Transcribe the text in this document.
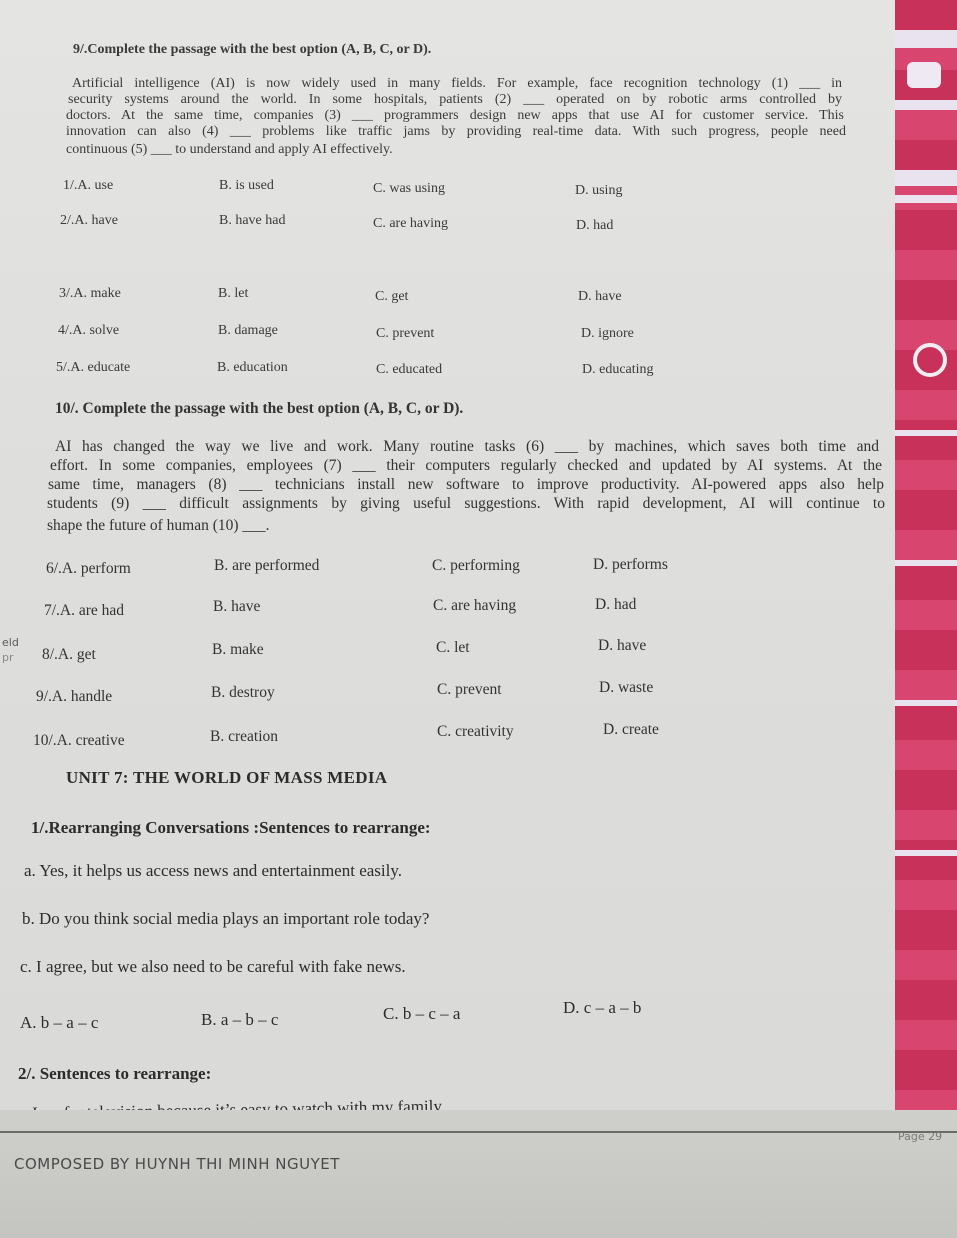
9/.Complete the passage with the best option (A, B, C, or D).
Artificial intelligence (AI) is now widely used in many fields. For example, face recognition technology (1) ___ in
security systems around the world. In some hospitals, patients (2) ___ operated on by robotic arms controlled by
doctors. At the same time, companies (3) ___ programmers design new apps that use AI for customer service. This
innovation can also (4) ___ problems like traffic jams by providing real-time data. With such progress, people need
continuous (5) ___ to understand and apply AI effectively.
1/.A. use	B. is used	C. was using	D. using
2/.A. have	B. have had	C. are having	D. had
3/.A. make	B. let	C. get	D. have
4/.A. solve	B. damage	C. prevent	D. ignore
5/.A. educate	B. education	C. educated	D. educating
10/. Complete the passage with the best option (A, B, C, or D).
AI has changed the way we live and work. Many routine tasks (6) ___ by machines, which saves both time and
effort. In some companies, employees (7) ___ their computers regularly checked and updated by AI systems. At the
same time, managers (8) ___ technicians install new software to improve productivity. AI-powered apps also help
students (9) ___ difficult assignments by giving useful suggestions. With rapid development, AI will continue to
shape the future of human (10) ___.
6/.A. perform	B. are performed	C. performing	D. performs
7/.A. are had	B. have	C. are having	D. had
8/.A. get	B. make	C. let	D. have
9/.A. handle	B. destroy	C. prevent	D. waste
10/.A. creative	B. creation	C. creativity	D. create
UNIT 7: THE WORLD OF MASS MEDIA
1/.Rearranging Conversations :Sentences to rearrange:
a. Yes, it helps us access news and entertainment easily.
b. Do you think social media plays an important role today?
c. I agree, but we also need to be careful with fake news.
A. b – a – c	B. a – b – c	C. b – c – a	D. c – a – b
2/. Sentences to rearrange:
eld
pr
COMPOSED BY HUYNH THI MINH NGUYET
Page 29
